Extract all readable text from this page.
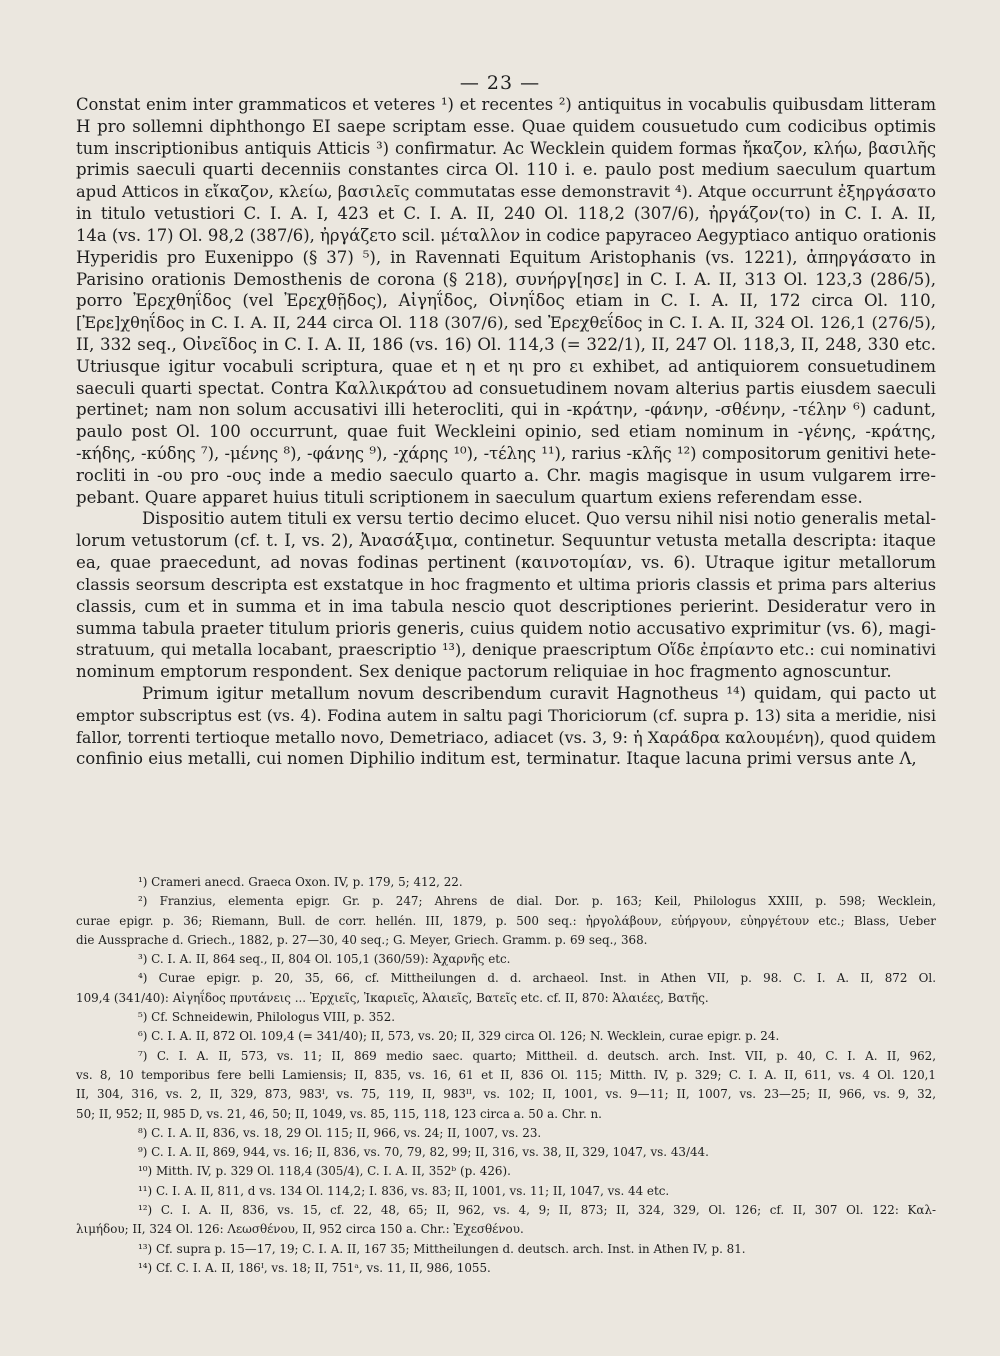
— 23 —
Constat enim inter grammaticos et veteres ¹) et recentes ²) antiquitus in vocabulis quibusdam litteram
H pro sollemni diphthongo EI saepe scriptam esse. Quae quidem cousuetudo cum codicibus optimis
tum inscriptionibus antiquis Atticis ³) confirmatur. Ac Wecklein quidem formas ἤκαζον, κλήω, βασιλῆς
primis saeculi quarti decenniis constantes circa Ol. 110 i. e. paulo post medium saeculum quartum
apud Atticos in εἴκαζον, κλείω, βασιλεῖς commutatas esse demonstravit ⁴). Atque occurrunt ἐξηργάσατο
in titulo vetustiori C. I. A. I, 423 et C. I. A. II, 240 Ol. 118,2 (307/6), ἠργάζον(το) in C. I. A. II,
14a (vs. 17) Ol. 98,2 (387/6), ἠργάζετο scil. μέταλλον in codice papyraceo Aegyptiaco antiquo orationis
Hyperidis pro Euxenippo (§ 37) ⁵), in Ravennati Equitum Aristophanis (vs. 1221), ἀπηργάσατο in
Parisino orationis Demosthenis de corona (§ 218), συνήργ[ησε] in C. I. A. II, 313 Ol. 123,3 (286/5),
porro Ἐρεχθηΐδος (vel Ἐρεχθῇδος), Αἰγηΐδος, Οἰνηΐδος etiam in C. I. A. II, 172 circa Ol. 110,
[Ἐρε]χθηΐδος in C. I. A. II, 244 circa Ol. 118 (307/6), sed Ἐρεχθεΐδος in C. I. A. II, 324 Ol. 126,1 (276/5),
II, 332 seq., Οἰνεῖδος in C. I. A. II, 186 (vs. 16) Ol. 114,3 (= 322/1), II, 247 Ol. 118,3, II, 248, 330 etc.
Utriusque igitur vocabuli scriptura, quae et η et ηι pro ει exhibet, ad antiquiorem consuetudinem
saeculi quarti spectat. Contra Καλλικράτου ad consuetudinem novam alterius partis eiusdem saeculi
pertinet; nam non solum accusativi illi heterocliti, qui in -κράτην, -φάνην, -σθένην, -τέλην ⁶) cadunt,
paulo post Ol. 100 occurrunt, quae fuit Weckleini opinio, sed etiam nominum in -γένης, -κράτης,
-κήδης, -κύδης ⁷), -μένης ⁸), -φάνης ⁹), -χάρης ¹⁰), -τέλης ¹¹), rarius -κλῆς ¹²) compositorum genitivi hete-
rocliti in -ου pro -ους inde a medio saeculo quarto a. Chr. magis magisque in usum vulgarem irre-
pebant. Quare apparet huius tituli scriptionem in saeculum quartum exiens referendam esse.
Dispositio autem tituli ex versu tertio decimo elucet. Quo versu nihil nisi notio generalis metal-
lorum vetustorum (cf. t. I, vs. 2), Ἀνασάξιμα, continetur. Sequuntur vetusta metalla descripta: itaque
ea, quae praecedunt, ad novas fodinas pertinent (καινοτομίαν, vs. 6). Utraque igitur metallorum
classis seorsum descripta est exstatque in hoc fragmento et ultima prioris classis et prima pars alterius
classis, cum et in summa et in ima tabula nescio quot descriptiones perierint. Desideratur vero in
summa tabula praeter titulum prioris generis, cuius quidem notio accusativo exprimitur (vs. 6), magi-
stratuum, qui metalla locabant, praescriptio ¹³), denique praescriptum Οἵδε ἐπρίαντο etc.: cui nominativi
nominum emptorum respondent. Sex denique pactorum reliquiae in hoc fragmento agnoscuntur.
Primum igitur metallum novum describendum curavit Hagnotheus ¹⁴) quidam, qui pacto ut
emptor subscriptus est (vs. 4). Fodina autem in saltu pagi Thoriciorum (cf. supra p. 13) sita a meridie, nisi
fallor, torrenti tertioque metallo novo, Demetriaco, adiacet (vs. 3, 9: ἡ Χαράδρα καλουμένη), quod quidem
confinio eius metalli, cui nomen Diphilio inditum est, terminatur. Itaque lacuna primi versus ante Λ,
¹) Crameri anecd. Graeca Oxon. IV, p. 179, 5; 412, 22.
²) Franzius, elementa epigr. Gr. p. 247; Ahrens de dial. Dor. p. 163; Keil, Philologus XXIII, p. 598; Wecklein,
curae epigr. p. 36; Riemann, Bull. de corr. hellén. III, 1879, p. 500 seq.: ἠργολάβουν, εὐήργουν, εὐηργέτουν etc.; Blass, Ueber
die Aussprache d. Griech., 1882, p. 27—30, 40 seq.; G. Meyer, Griech. Gramm. p. 69 seq., 368.
³) C. I. A. II, 864 seq., II, 804 Ol. 105,1 (360/59): Ἀχαρνῆς etc.
⁴) Curae epigr. p. 20, 35, 66, cf. Mittheilungen d. d. archaeol. Inst. in Athen VII, p. 98. C. I. A. II, 872 Ol.
109,4 (341/40): Αἰγηΐδος πρυτάνεις ... Ἐρχιεῖς, Ἰκαριεῖς, Ἁλαιεῖς, Βατεῖς etc. cf. II, 870: Ἁλαιέες, Βατῆς.
⁵) Cf. Schneidewin, Philologus VIII, p. 352.
⁶) C. I. A. II, 872 Ol. 109,4 (= 341/40); II, 573, vs. 20; II, 329 circa Ol. 126; N. Wecklein, curae epigr. p. 24.
⁷) C. I. A. II, 573, vs. 11; II, 869 medio saec. quarto; Mittheil. d. deutsch. arch. Inst. VII, p. 40, C. I. A. II, 962,
vs. 8, 10 temporibus fere belli Lamiensis; II, 835, vs. 16, 61 et II, 836 Ol. 115; Mitth. IV, p. 329; C. I. A. II, 611, vs. 4 Ol. 120,1
II, 304, 316, vs. 2, II, 329, 873, 983ᴵ, vs. 75, 119, II, 983ᴵᴵ, vs. 102; II, 1001, vs. 9—11; II, 1007, vs. 23—25; II, 966, vs. 9, 32,
50; II, 952; II, 985 D, vs. 21, 46, 50; II, 1049, vs. 85, 115, 118, 123 circa a. 50 a. Chr. n.
⁸) C. I. A. II, 836, vs. 18, 29 Ol. 115; II, 966, vs. 24; II, 1007, vs. 23.
⁹) C. I. A. II, 869, 944, vs. 16; II, 836, vs. 70, 79, 82, 99; II, 316, vs. 38, II, 329, 1047, vs. 43/44.
¹⁰) Mitth. IV, p. 329 Ol. 118,4 (305/4), C. I. A. II, 352ᵇ (p. 426).
¹¹) C. I. A. II, 811, d vs. 134 Ol. 114,2; I. 836, vs. 83; II, 1001, vs. 11; II, 1047, vs. 44 etc.
¹²) C. I. A. II, 836, vs. 15, cf. 22, 48, 65; II, 962, vs. 4, 9; II, 873; II, 324, 329, Ol. 126; cf. II, 307 Ol. 122: Καλ-
λιμήδου; II, 324 Ol. 126: Λεωσθένου, II, 952 circa 150 a. Chr.: Ἐχεσθένου.
¹³) Cf. supra p. 15—17, 19; C. I. A. II, 167 35; Mittheilungen d. deutsch. arch. Inst. in Athen IV, p. 81.
¹⁴) Cf. C. I. A. II, 186ᴵ, vs. 18; II, 751ᵃ, vs. 11, II, 986, 1055.
